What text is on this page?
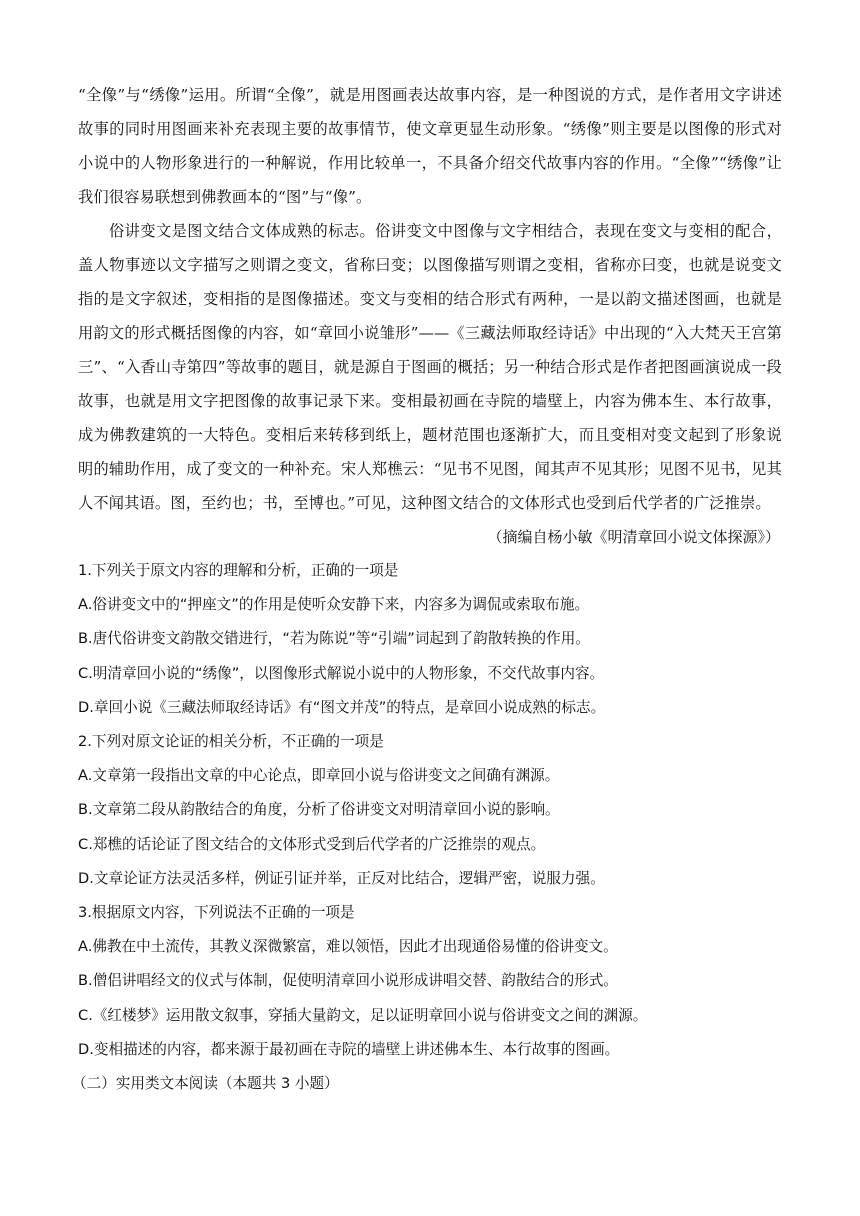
“全像”与“绣像”运用。所谓“全像”，就是用图画表达故事内容，是一种图说的方式，是作者用文字讲述故事的同时用图画来补充表现主要的故事情节，使文章更显生动形象。“绣像”则主要是以图像的形式对小说中的人物形象进行的一种解说，作用比较单一，不具备介绍交代故事内容的作用。“全像”“绣像”让我们很容易联想到佛教画本的“图”与“像”。

俗讲变文是图文结合文体成熟的标志。俗讲变文中图像与文字相结合，表现在变文与变相的配合，盖人物事迹以文字描写之则谓之变文，省称曰变；以图像描写则谓之变相，省称亦曰变，也就是说变文指的是文字叙述，变相指的是图像描述。变文与变相的结合形式有两种，一是以韵文描述图画，也就是用韵文的形式概括图像的内容，如“章回小说雏形”——《三藏法师取经诗话》中出现的“入大梵天王宫第三”、“入香山寺第四”等故事的题目，就是源自于图画的概括；另一种结合形式是作者把图画演说成一段故事，也就是用文字把图像的故事记录下来。变相最初画在寺院的墙壁上，内容为佛本生、本行故事，成为佛教建筑的一大特色。变相后来转移到纸上，题材范围也逐渐扩大，而且变相对变文起到了形象说明的辅助作用，成了变文的一种补充。宋人郑樵云：“见书不见图，闻其声不见其形；见图不见书，见其人不闻其语。图，至约也；书，至博也。”可见，这种图文结合的文体形式也受到后代学者的广泛推崇。

（摘编自杨小敏《明清章回小说文体探源》）

1.下列关于原文内容的理解和分析，正确的一项是

A.俗讲变文中的“押座文”的作用是使听众安静下来，内容多为调侃或索取布施。

B.唐代俗讲变文韵散交错进行，“若为陈说”等“引端”词起到了韵散转换的作用。

C.明清章回小说的“绣像”，以图像形式解说小说中的人物形象，不交代故事内容。

D.章回小说《三藏法师取经诗话》有“图文并茂”的特点，是章回小说成熟的标志。

2.下列对原文论证的相关分析，不正确的一项是

A.文章第一段指出文章的中心论点，即章回小说与俗讲变文之间确有渊源。

B.文章第二段从韵散结合的角度，分析了俗讲变文对明清章回小说的影响。

C.郑樵的话论证了图文结合的文体形式受到后代学者的广泛推崇的观点。

D.文章论证方法灵活多样，例证引证并举，正反对比结合，逻辑严密，说服力强。

3.根据原文内容，下列说法不正确的一项是

A.佛教在中土流传，其教义深微繁富，难以领悟，因此才出现通俗易懂的俗讲变文。

B.僧侣讲唱经文的仪式与体制，促使明清章回小说形成讲唱交替、韵散结合的形式。

C.《红楼梦》运用散文叙事，穿插大量韵文，足以证明章回小说与俗讲变文之间的渊源。

D.变相描述的内容，都来源于最初画在寺院的墙壁上讲述佛本生、本行故事的图画。

（二）实用类文本阅读（本题共 3 小题）
